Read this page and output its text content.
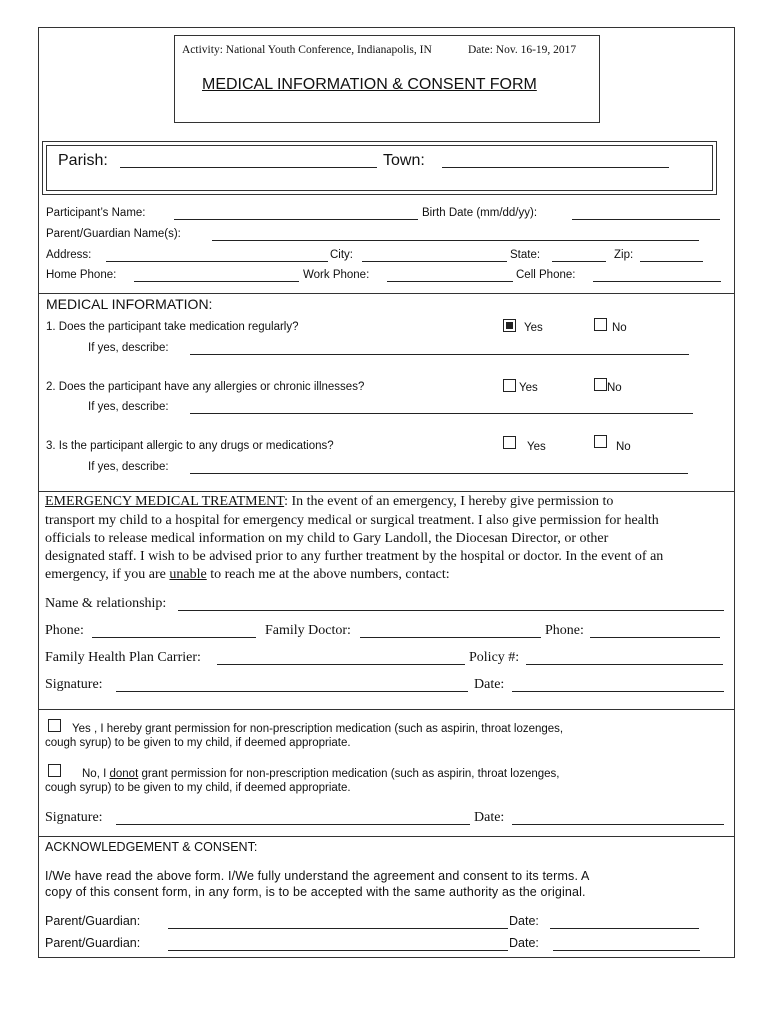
Activity: National Youth Conference, Indianapolis, IN	Date: Nov. 16-19, 2017
MEDICAL INFORMATION & CONSENT FORM
Parish:	Town:
Participant’s Name:	Birth Date (mm/dd/yy):
Parent/Guardian Name(s):
Address:	City:	State:	Zip:
Home Phone:	Work Phone:	Cell Phone:
MEDICAL INFORMATION:
1. Does the participant take medication regularly?	Yes	No
If yes, describe:
2. Does the participant have any allergies or chronic illnesses?	Yes	No
If yes, describe:
3. Is the participant allergic to any drugs or medications?	Yes	No
If yes, describe:
EMERGENCY MEDICAL TREATMENT: In the event of an emergency, I hereby give permission to
transport my child to a hospital for emergency medical or surgical treatment. I also give permission for health
officials to release medical information on my child to Gary Landoll, the Diocesan Director, or other
designated staff. I wish to be advised prior to any further treatment by the hospital or doctor. In the event of an
emergency, if you are unable to reach me at the above numbers, contact:
Name & relationship:
Phone:	Family Doctor:	Phone:
Family Health Plan Carrier:	Policy #:
Signature:	Date:
Yes , I hereby grant permission for non-prescription medication (such as aspirin, throat lozenges,
cough syrup) to be given to my child, if deemed appropriate.
No, I donot grant permission for non-prescription medication (such as aspirin, throat lozenges,
cough syrup) to be given to my child, if deemed appropriate.
Signature:	Date:
ACKNOWLEDGEMENT & CONSENT:
I/We have read the above form. I/We fully understand the agreement and consent to its terms. A
copy of this consent form, in any form, is to be accepted with the same authority as the original.
Parent/Guardian:	Date:
Parent/Guardian:	Date:
